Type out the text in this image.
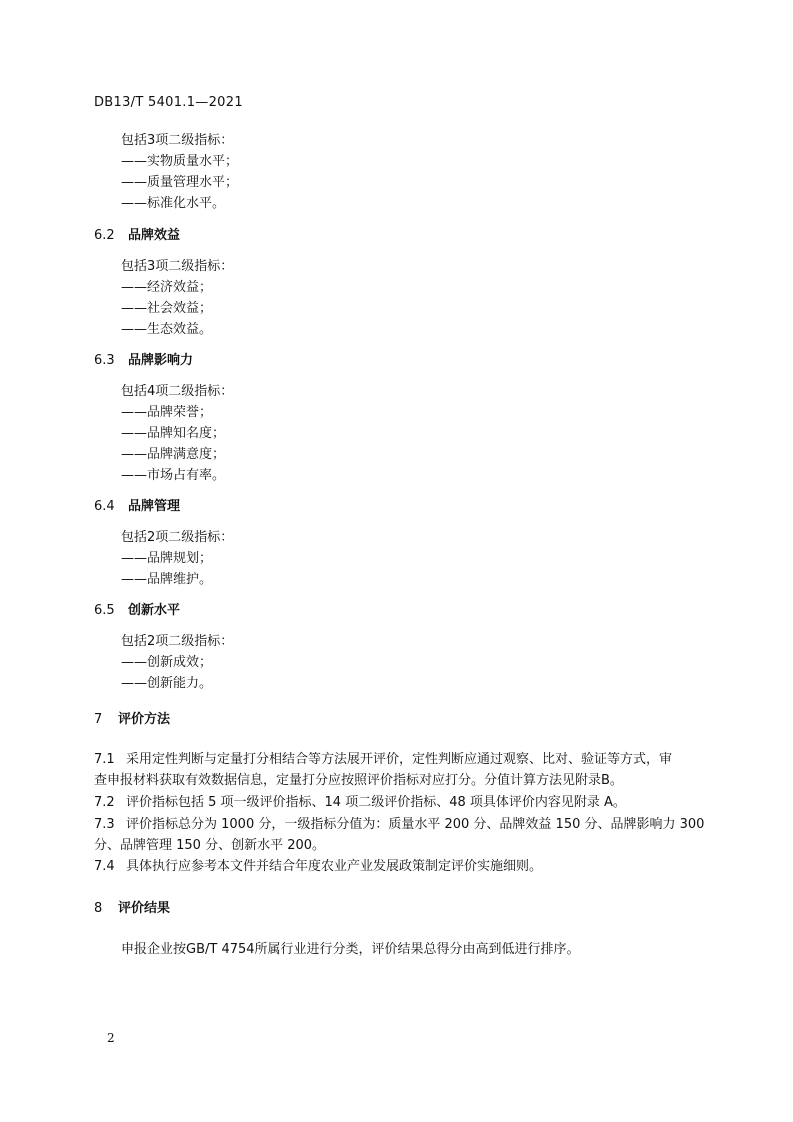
DB13/T 5401.1—2021
包括3项二级指标：
——实物质量水平；
——质量管理水平；
——标准化水平。
6.2 品牌效益
包括3项二级指标：
——经济效益；
——社会效益；
——生态效益。
6.3 品牌影响力
包括4项二级指标：
——品牌荣誉；
——品牌知名度；
——品牌满意度；
——市场占有率。
6.4 品牌管理
包括2项二级指标：
——品牌规划；
——品牌维护。
6.5 创新水平
包括2项二级指标：
——创新成效；
——创新能力。
7 评价方法
7.1 采用定性判断与定量打分相结合等方法展开评价，定性判断应通过观察、比对、验证等方式，审
查申报材料获取有效数据信息，定量打分应按照评价指标对应打分。分值计算方法见附录B。
7.2 评价指标包括 5 项一级评价指标、14 项二级评价指标、48 项具体评价内容见附录 A。
7.3 评价指标总分为 1000 分，一级指标分值为：质量水平 200 分、品牌效益 150 分、品牌影响力 300
分、品牌管理 150 分、创新水平 200。
7.4 具体执行应参考本文件并结合年度农业产业发展政策制定评价实施细则。
8 评价结果
申报企业按GB/T 4754所属行业进行分类，评价结果总得分由高到低进行排序。
2
